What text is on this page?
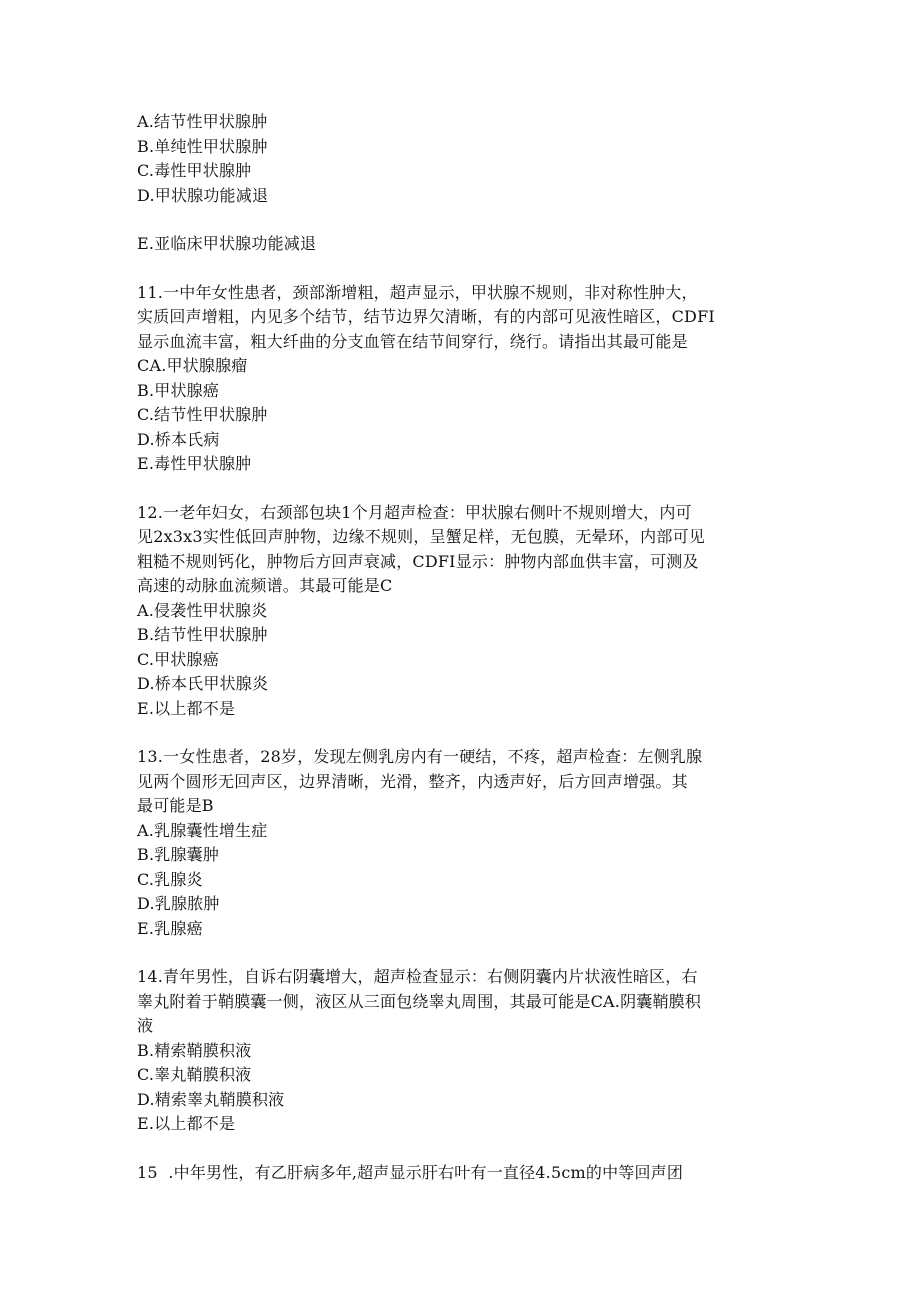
A.结节性甲状腺肿
B.单纯性甲状腺肿
C.毒性甲状腺肿
D.甲状腺功能减退
E.亚临床甲状腺功能减退
11.一中年女性患者，颈部渐增粗，超声显示，甲状腺不规则，非对称性肿大，
实质回声增粗，内见多个结节，结节边界欠清晰，有的内部可见液性暗区，CDFI
显示血流丰富，粗大纤曲的分支血管在结节间穿行，绕行。请指出其最可能是
CA.甲状腺腺瘤
B.甲状腺癌
C.结节性甲状腺肿
D.桥本氏病
E.毒性甲状腺肿
12.一老年妇女，右颈部包块1个月超声检查：甲状腺右侧叶不规则增大，内可
见2x3x3实性低回声肿物，边缘不规则，呈蟹足样，无包膜，无晕环，内部可见
粗糙不规则钙化，肿物后方回声衰减，CDFI显示：肿物内部血供丰富，可测及
高速的动脉血流频谱。其最可能是C
A.侵袭性甲状腺炎
B.结节性甲状腺肿
C.甲状腺癌
D.桥本氏甲状腺炎
E.以上都不是
13.一女性患者，28岁，发现左侧乳房内有一硬结，不疼，超声检查：左侧乳腺
见两个圆形无回声区，边界清晰，光滑，整齐，内透声好，后方回声增强。其
最可能是B
A.乳腺囊性增生症
B.乳腺囊肿
C.乳腺炎
D.乳腺脓肿
E.乳腺癌
14.青年男性，自诉右阴囊增大，超声检查显示：右侧阴囊内片状液性暗区，右
睾丸附着于鞘膜囊一侧，液区从三面包绕睾丸周围，其最可能是CA.阴囊鞘膜积
液
B.精索鞘膜积液
C.睾丸鞘膜积液
D.精索睾丸鞘膜积液
E.以上都不是
15  .中年男性，有乙肝病多年,超声显示肝右叶有一直径4.5cm的中等回声团
